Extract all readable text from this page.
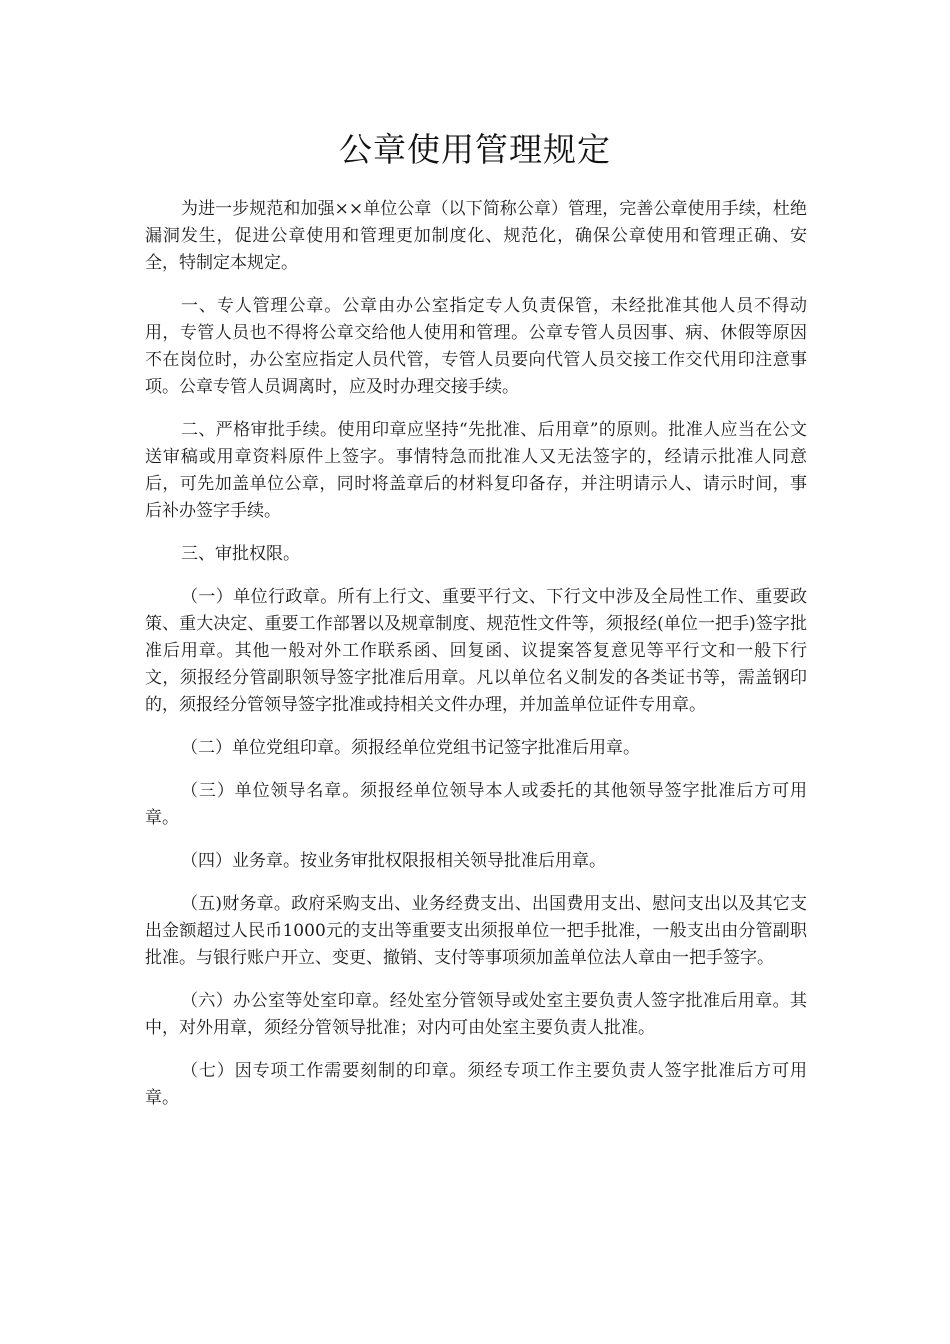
公章使用管理规定

为进一步规范和加强××单位公章（以下简称公章）管理，完善公章使用手续，杜绝漏洞发生，促进公章使用和管理更加制度化、规范化，确保公章使用和管理正确、安全，特制定本规定。

一、专人管理公章。公章由办公室指定专人负责保管，未经批准其他人员不得动用，专管人员也不得将公章交给他人使用和管理。公章专管人员因事、病、休假等原因不在岗位时，办公室应指定人员代管，专管人员要向代管人员交接工作交代用印注意事项。公章专管人员调离时，应及时办理交接手续。

二、严格审批手续。使用印章应坚持“先批准、后用章”的原则。批准人应当在公文送审稿或用章资料原件上签字。事情特急而批准人又无法签字的，经请示批准人同意后，可先加盖单位公章，同时将盖章后的材料复印备存，并注明请示人、请示时间，事后补办签字手续。

三、审批权限。

（一）单位行政章。所有上行文、重要平行文、下行文中涉及全局性工作、重要政策、重大决定、重要工作部署以及规章制度、规范性文件等，须报经(单位一把手)签字批准后用章。其他一般对外工作联系函、回复函、议提案答复意见等平行文和一般下行文，须报经分管副职领导签字批准后用章。凡以单位名义制发的各类证书等，需盖钢印的，须报经分管领导签字批准或持相关文件办理，并加盖单位证件专用章。

（二）单位党组印章。须报经单位党组书记签字批准后用章。

（三）单位领导名章。须报经单位领导本人或委托的其他领导签字批准后方可用章。

（四）业务章。按业务审批权限报相关领导批准后用章。

（五)财务章。政府采购支出、业务经费支出、出国费用支出、慰问支出以及其它支出金额超过人民币1000元的支出等重要支出须报单位一把手批准，一般支出由分管副职批准。与银行账户开立、变更、撤销、支付等事项须加盖单位法人章由一把手签字。

（六）办公室等处室印章。经处室分管领导或处室主要负责人签字批准后用章。其中，对外用章，须经分管领导批准；对内可由处室主要负责人批准。

（七）因专项工作需要刻制的印章。须经专项工作主要负责人签字批准后方可用章。
